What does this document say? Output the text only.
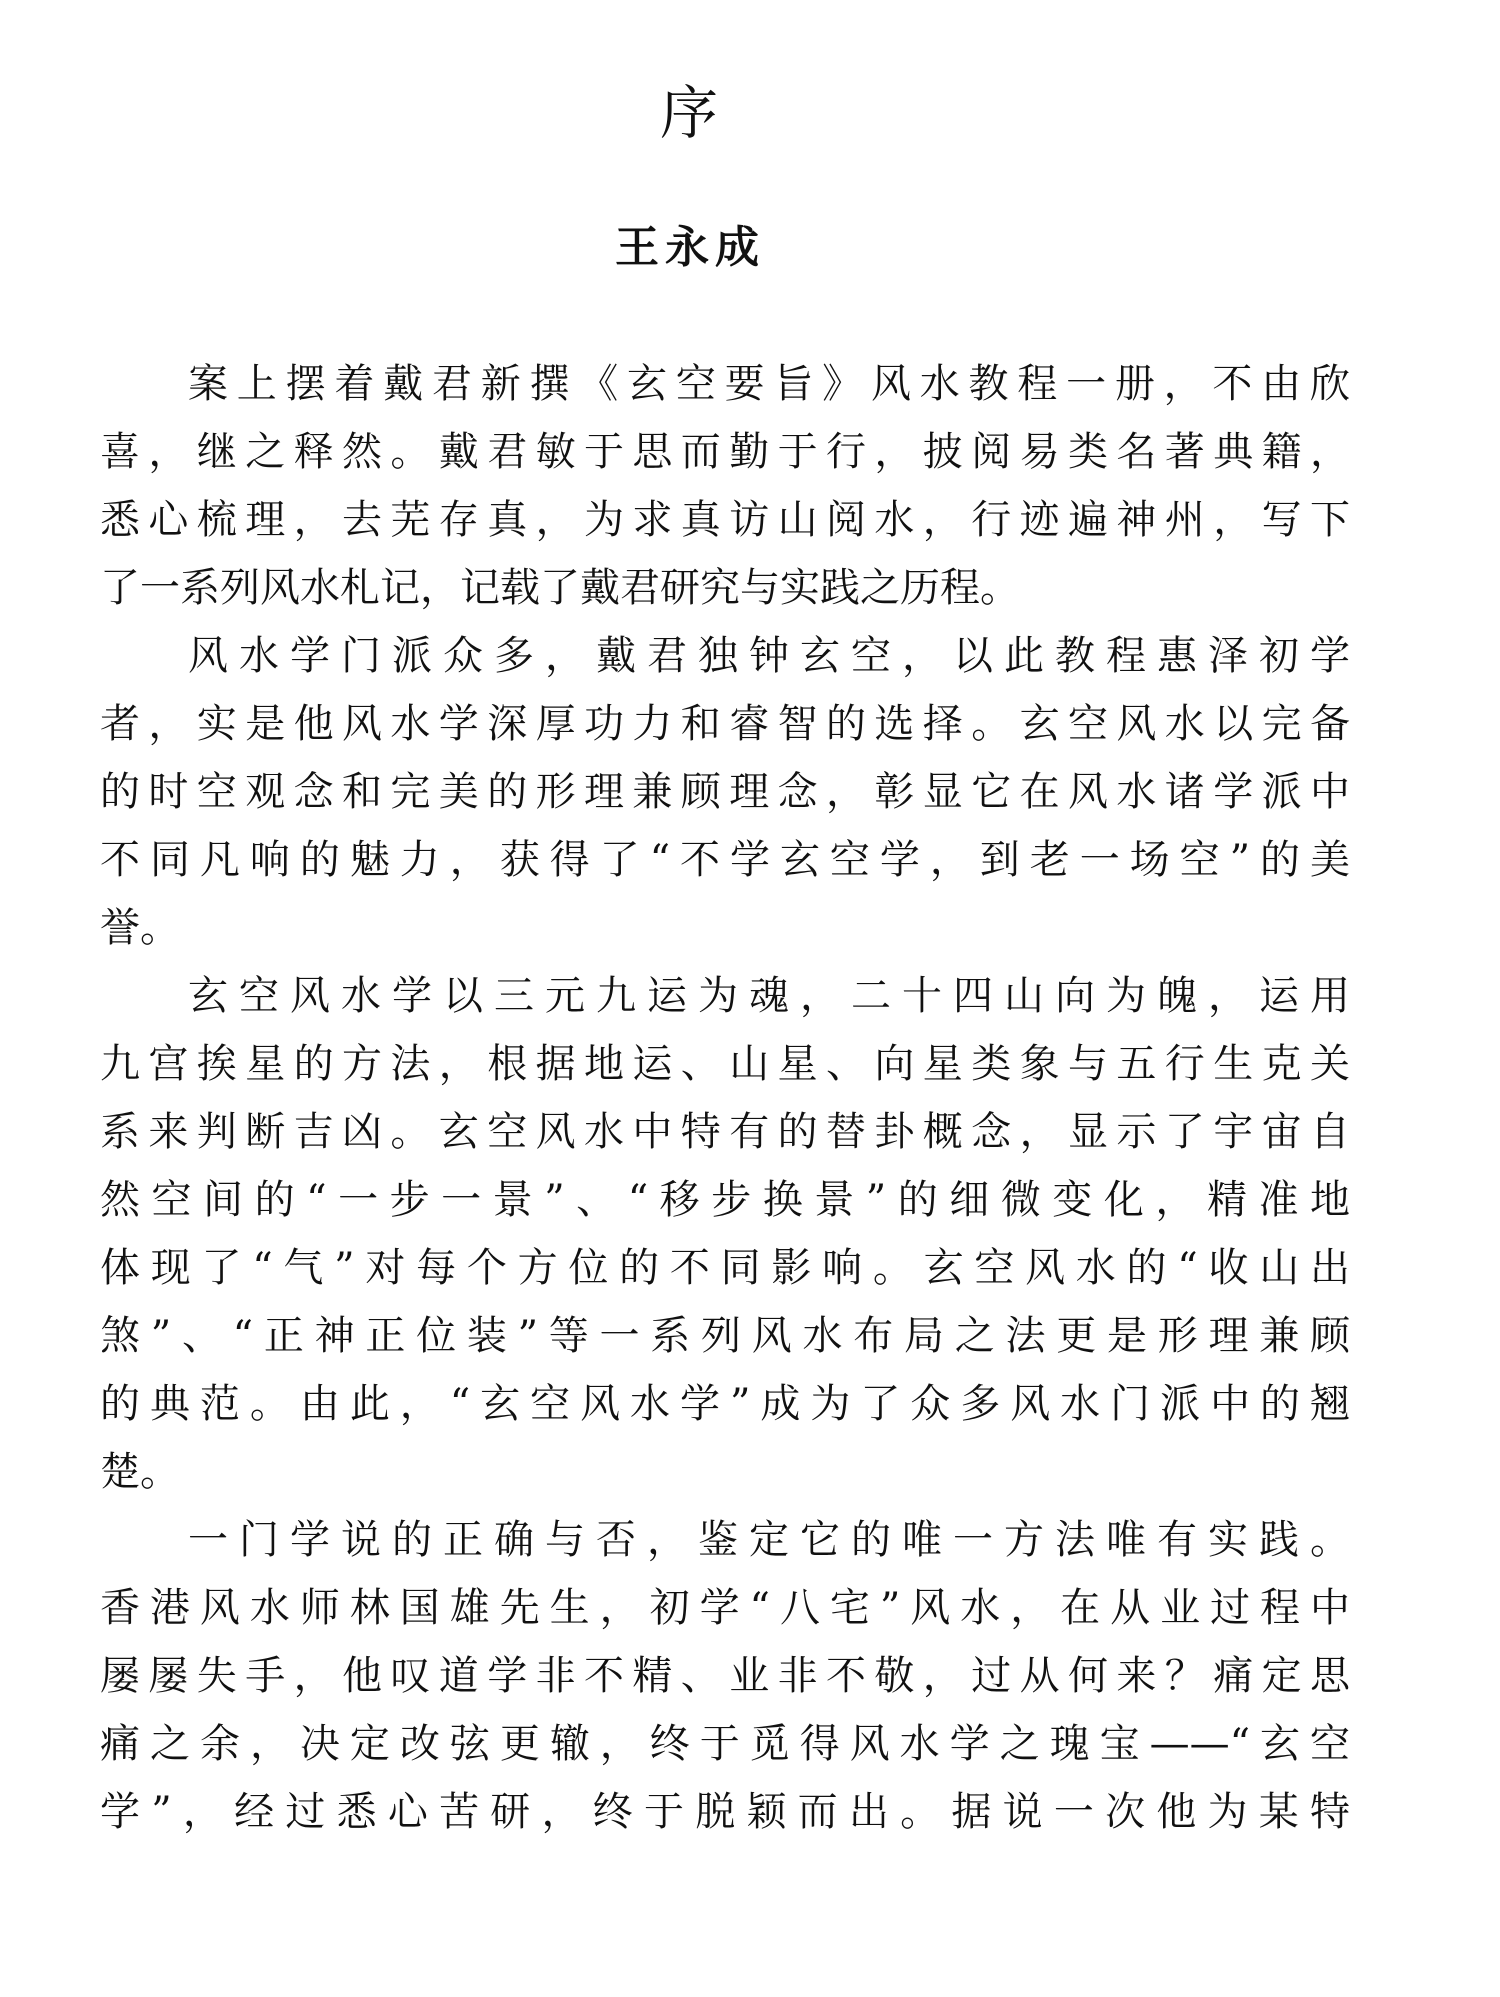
序
王永成
案上摆着戴君新撰《玄空要旨》风水教程一册，不由欣
喜，继之释然。戴君敏于思而勤于行，披阅易类名著典籍，
悉心梳理，去芜存真，为求真访山阅水，行迹遍神州，写下
了一系列风水札记，记载了戴君研究与实践之历程。
风水学门派众多，戴君独钟玄空，以此教程惠泽初学
者，实是他风水学深厚功力和睿智的选择。玄空风水以完备
的时空观念和完美的形理兼顾理念，彰显它在风水诸学派中
不同凡响的魅力，获得了“不学玄空学，到老一场空”的美
誉。
玄空风水学以三元九运为魂，二十四山向为魄，运用
九宫挨星的方法，根据地运、山星、向星类象与五行生克关
系来判断吉凶。玄空风水中特有的替卦概念，显示了宇宙自
然空间的“一步一景”、“移步换景”的细微变化，精准地
体现了“气”对每个方位的不同影响。玄空风水的“收山出
煞”、“正神正位装”等一系列风水布局之法更是形理兼顾
的典范。由此，“玄空风水学”成为了众多风水门派中的翘
楚。
一门学说的正确与否，鉴定它的唯一方法唯有实践。
香港风水师林国雄先生，初学“八宅”风水，在从业过程中
屡屡失手，他叹道学非不精、业非不敬，过从何来？痛定思
痛之余，决定改弦更辙，终于觅得风水学之瑰宝——“玄空
学”，经过悉心苦研，终于脱颖而出。据说一次他为某特
